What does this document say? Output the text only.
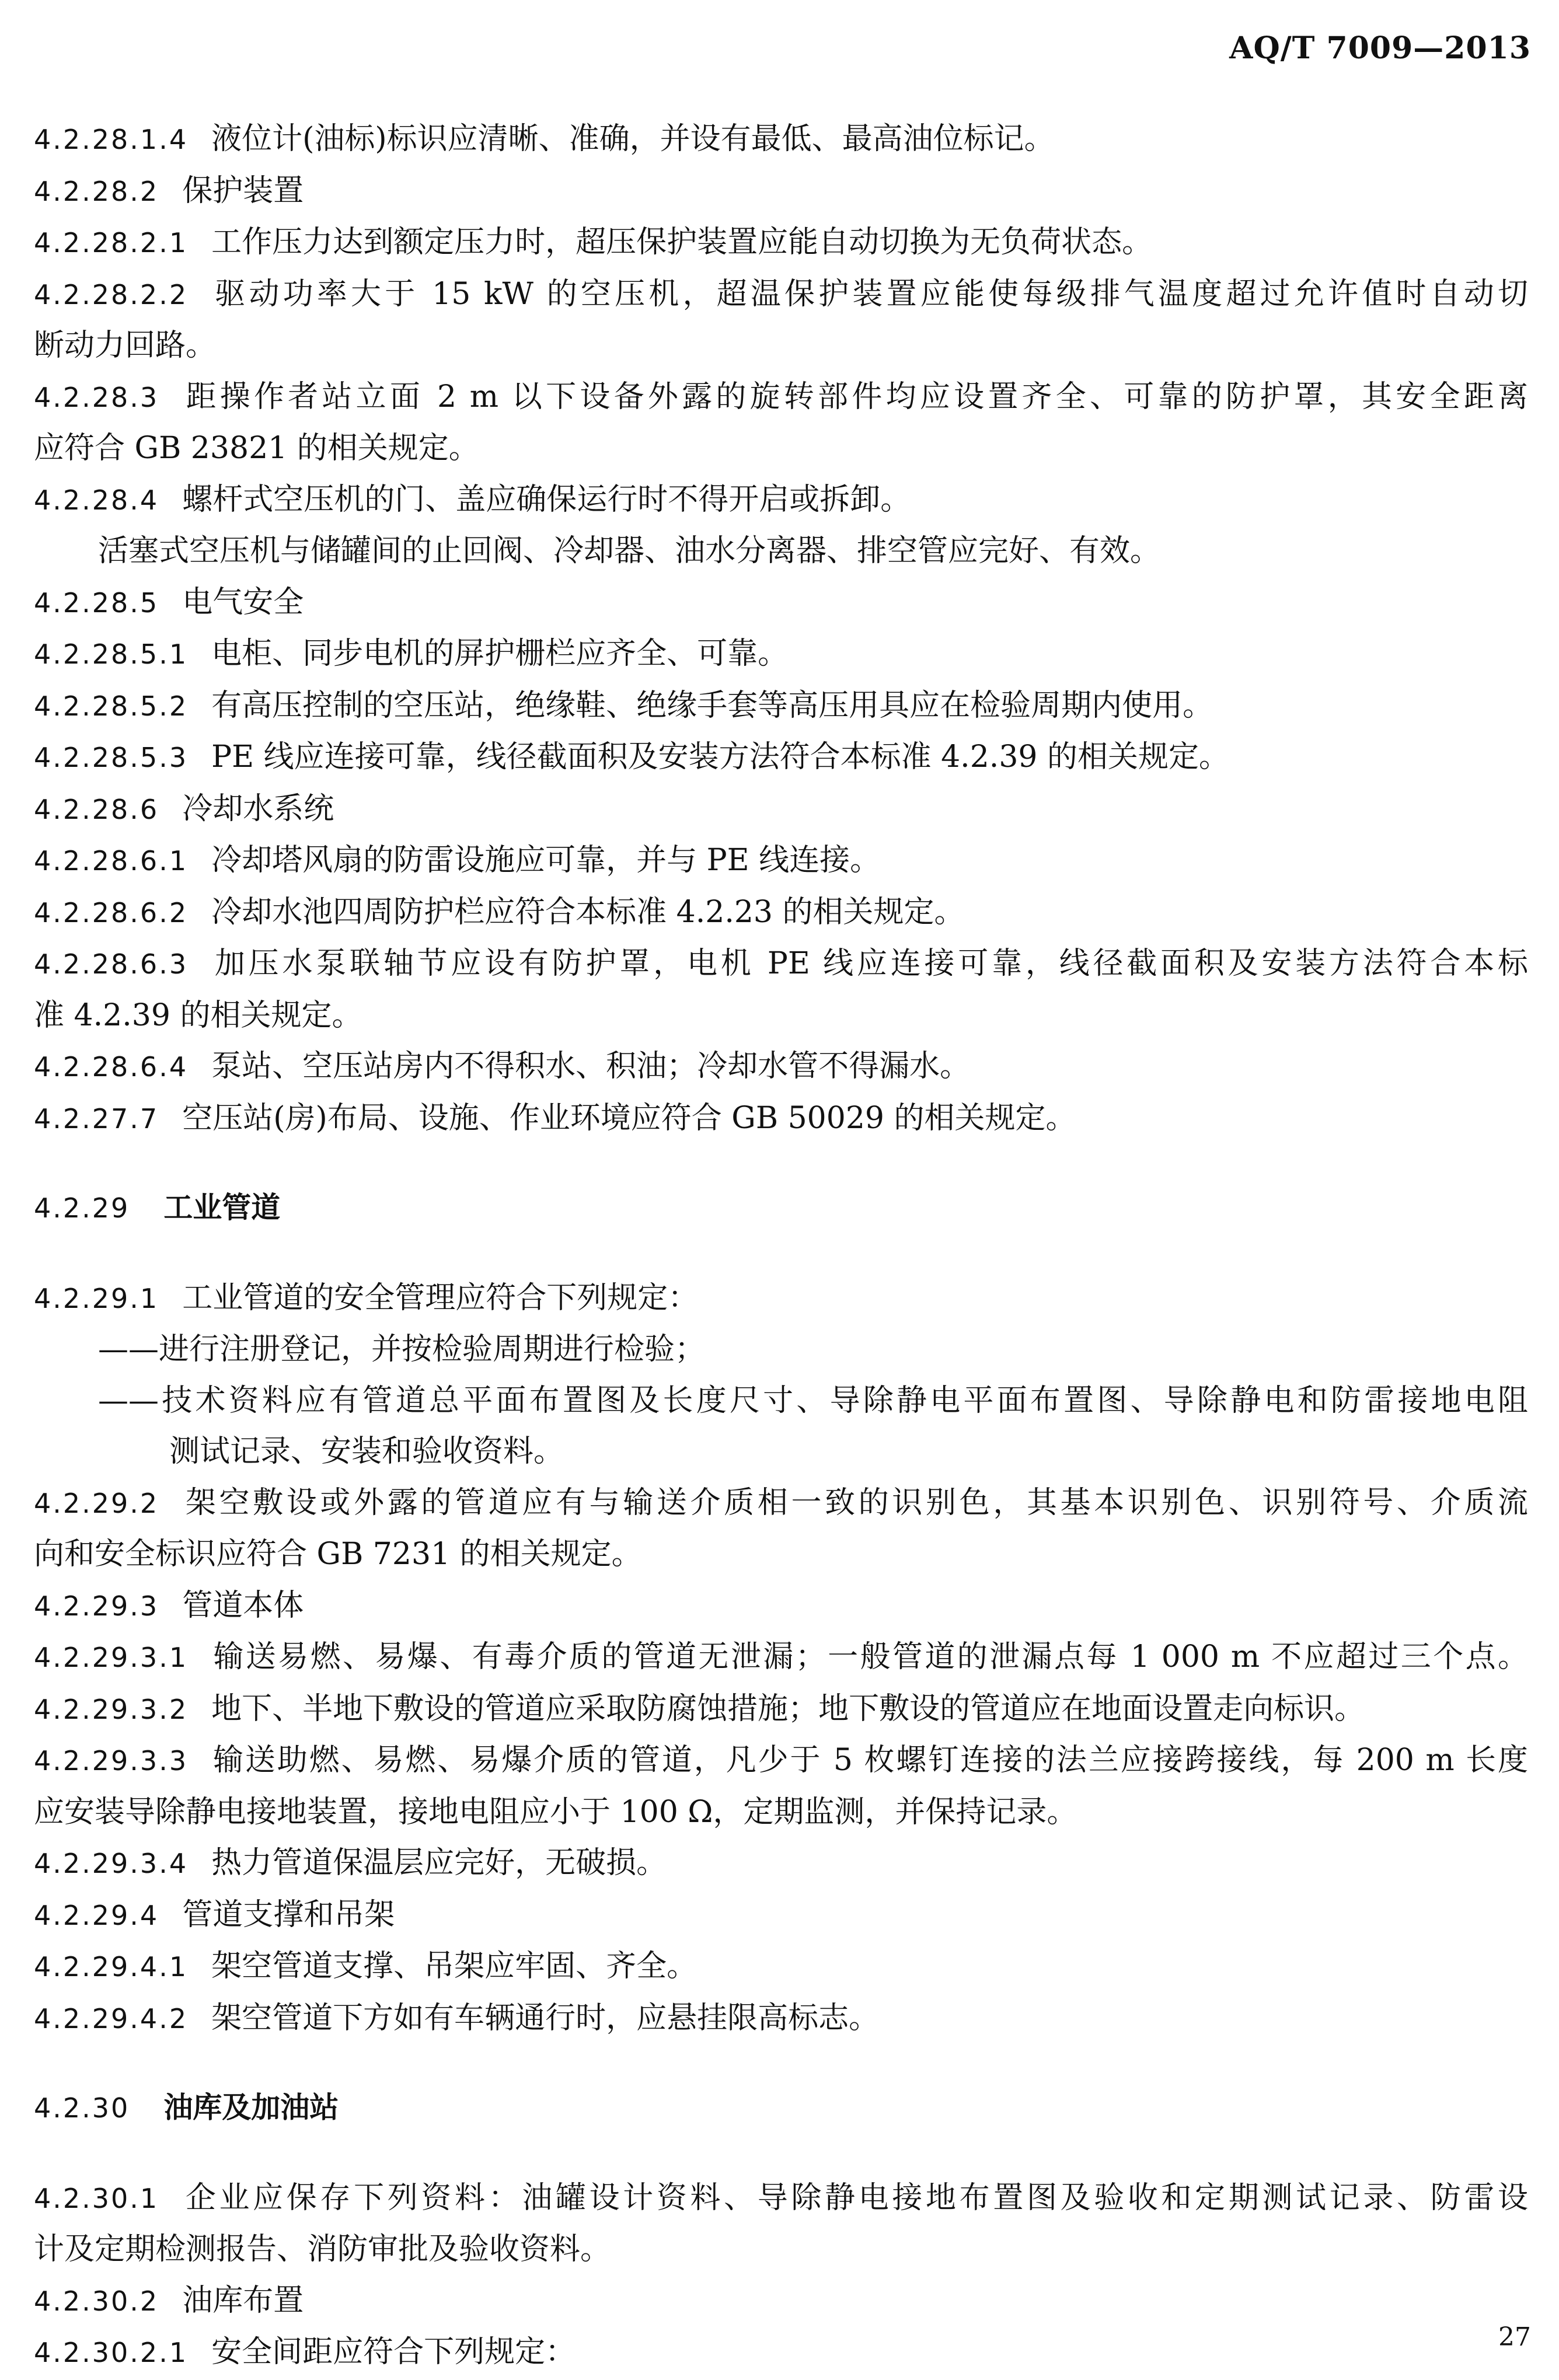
AQ/T 7009—2013
4.2.28.1.4 液位计(油标)标识应清晰、准确，并设有最低、最高油位标记。
4.2.28.2 保护装置
4.2.28.2.1 工作压力达到额定压力时，超压保护装置应能自动切换为无负荷状态。
4.2.28.2.2 驱动功率大于 15 kW 的空压机，超温保护装置应能使每级排气温度超过允许值时自动切
断动力回路。
4.2.28.3 距操作者站立面 2 m 以下设备外露的旋转部件均应设置齐全、可靠的防护罩，其安全距离
应符合 GB 23821 的相关规定。
4.2.28.4 螺杆式空压机的门、盖应确保运行时不得开启或拆卸。
活塞式空压机与储罐间的止回阀、冷却器、油水分离器、排空管应完好、有效。
4.2.28.5 电气安全
4.2.28.5.1 电柜、同步电机的屏护栅栏应齐全、可靠。
4.2.28.5.2 有高压控制的空压站，绝缘鞋、绝缘手套等高压用具应在检验周期内使用。
4.2.28.5.3 PE 线应连接可靠，线径截面积及安装方法符合本标准 4.2.39 的相关规定。
4.2.28.6 冷却水系统
4.2.28.6.1 冷却塔风扇的防雷设施应可靠，并与 PE 线连接。
4.2.28.6.2 冷却水池四周防护栏应符合本标准 4.2.23 的相关规定。
4.2.28.6.3 加压水泵联轴节应设有防护罩，电机 PE 线应连接可靠，线径截面积及安装方法符合本标
准 4.2.39 的相关规定。
4.2.28.6.4 泵站、空压站房内不得积水、积油；冷却水管不得漏水。
4.2.27.7 空压站(房)布局、设施、作业环境应符合 GB 50029 的相关规定。
4.2.29 工业管道
4.2.29.1 工业管道的安全管理应符合下列规定：
——进行注册登记，并按检验周期进行检验；
——技术资料应有管道总平面布置图及长度尺寸、导除静电平面布置图、导除静电和防雷接地电阻
测试记录、安装和验收资料。
4.2.29.2 架空敷设或外露的管道应有与输送介质相一致的识别色，其基本识别色、识别符号、介质流
向和安全标识应符合 GB 7231 的相关规定。
4.2.29.3 管道本体
4.2.29.3.1 输送易燃、易爆、有毒介质的管道无泄漏；一般管道的泄漏点每 1 000 m 不应超过三个点。
4.2.29.3.2 地下、半地下敷设的管道应采取防腐蚀措施；地下敷设的管道应在地面设置走向标识。
4.2.29.3.3 输送助燃、易燃、易爆介质的管道，凡少于 5 枚螺钉连接的法兰应接跨接线，每 200 m 长度
应安装导除静电接地装置，接地电阻应小于 100 Ω，定期监测，并保持记录。
4.2.29.3.4 热力管道保温层应完好，无破损。
4.2.29.4 管道支撑和吊架
4.2.29.4.1 架空管道支撑、吊架应牢固、齐全。
4.2.29.4.2 架空管道下方如有车辆通行时，应悬挂限高标志。
4.2.30 油库及加油站
4.2.30.1 企业应保存下列资料：油罐设计资料、导除静电接地布置图及验收和定期测试记录、防雷设
计及定期检测报告、消防审批及验收资料。
4.2.30.2 油库布置
4.2.30.2.1 安全间距应符合下列规定：	27
